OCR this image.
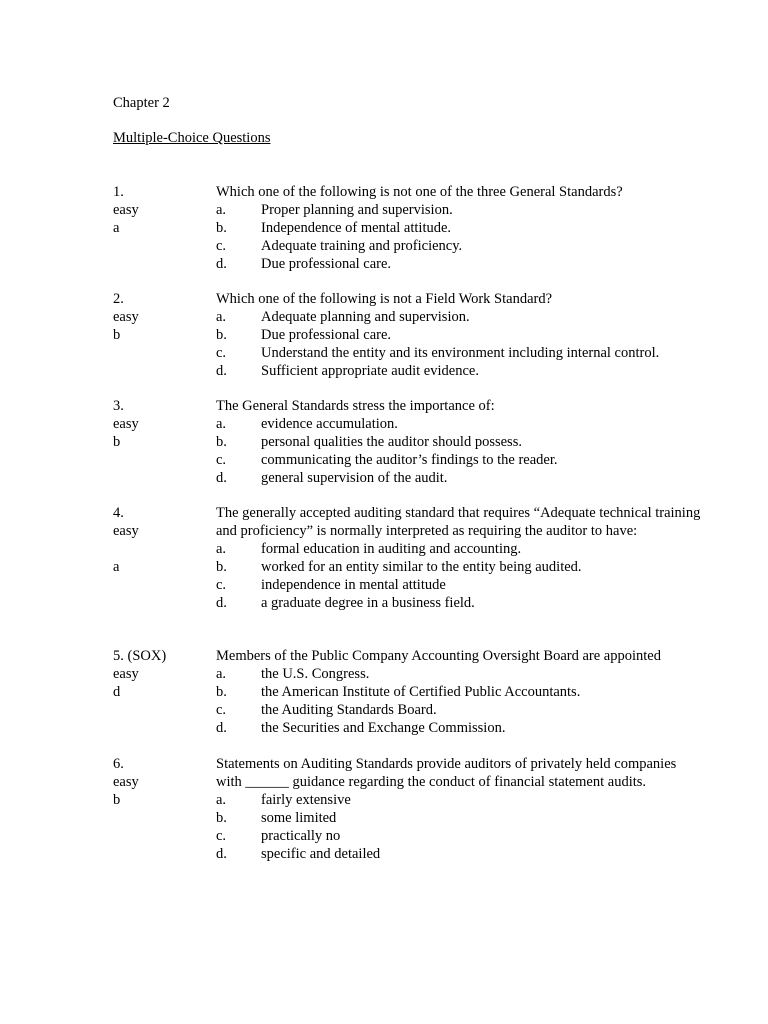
Chapter 2
Multiple-Choice Questions
1.
easy
a
Which one of the following is not one of the three General Standards?
a. Proper planning and supervision.
b. Independence of mental attitude.
c. Adequate training and proficiency.
d. Due professional care.
2.
easy
b
Which one of the following is not a Field Work Standard?
a. Adequate planning and supervision.
b. Due professional care.
c. Understand the entity and its environment including internal control.
d. Sufficient appropriate audit evidence.
3.
easy
b
The General Standards stress the importance of:
a. evidence accumulation.
b. personal qualities the auditor should possess.
c. communicating the auditor’s findings to the reader.
d. general supervision of the audit.
4.
easy
a
The generally accepted auditing standard that requires “Adequate technical training and proficiency” is normally interpreted as requiring the auditor to have:
a. formal education in auditing and accounting.
b. worked for an entity similar to the entity being audited.
c. independence in mental attitude
d. a graduate degree in a business field.
5. (SOX)
easy
d
Members of the Public Company Accounting Oversight Board are appointed
a. the U.S. Congress.
b. the American Institute of Certified Public Accountants.
c. the Auditing Standards Board.
d. the Securities and Exchange Commission.
6.
easy
b
Statements on Auditing Standards provide auditors of privately held companies with ______ guidance regarding the conduct of financial statement audits.
a. fairly extensive
b. some limited
c. practically no
d. specific and detailed
